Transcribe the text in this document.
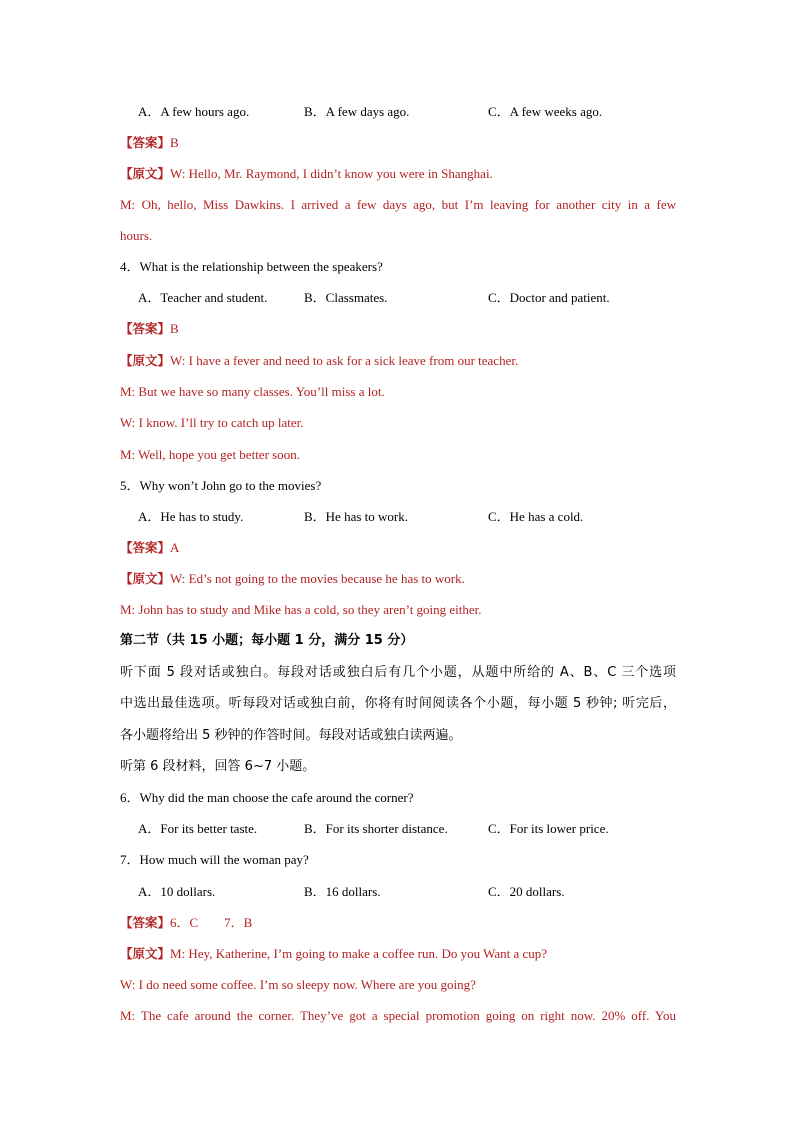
A．A few hours ago.	B．A few days ago.	C．A few weeks ago.
【答案】B
【原文】W: Hello, Mr. Raymond, I didn’t know you were in Shanghai.
M: Oh, hello, Miss Dawkins. I arrived a few days ago, but I’m leaving for another city in a few
hours.
4．What is the relationship between the speakers?
A．Teacher and student.	B．Classmates.	C．Doctor and patient.
【答案】B
【原文】W: I have a fever and need to ask for a sick leave from our teacher.
M: But we have so many classes. You’ll miss a lot.
W: I know. I’ll try to catch up later.
M: Well, hope you get better soon.
5．Why won’t John go to the movies?
A．He has to study.	B．He has to work.	C．He has a cold.
【答案】A
【原文】W: Ed’s not going to the movies because he has to work.
M: John has to study and Mike has a cold, so they aren’t going either.
第二节（共 15 小题；每小题 1 分，满分 15 分）
听下面 5 段对话或独白。每段对话或独白后有几个小题，从题中所给的 A、B、C 三个选项
中选出最佳选项。听每段对话或独白前，你将有时间阅读各个小题，每小题 5 秒钟; 听完后，
各小题将给出 5 秒钟的作答时间。每段对话或独白读两遍。
听第 6 段材料，回答 6~7 小题。
6．Why did the man choose the cafe around the corner?
A．For its better taste.	B．For its shorter distance.	C．For its lower price.
7．How much will the woman pay?
A．10 dollars.	B．16 dollars.	C．20 dollars.
【答案】6．C　　7．B
【原文】M: Hey, Katherine, I’m going to make a coffee run. Do you Want a cup?
W: I do need some coffee. I’m so sleepy now. Where are you going?
M: The cafe around the corner. They’ve got a special promotion going on right now. 20% off. You
